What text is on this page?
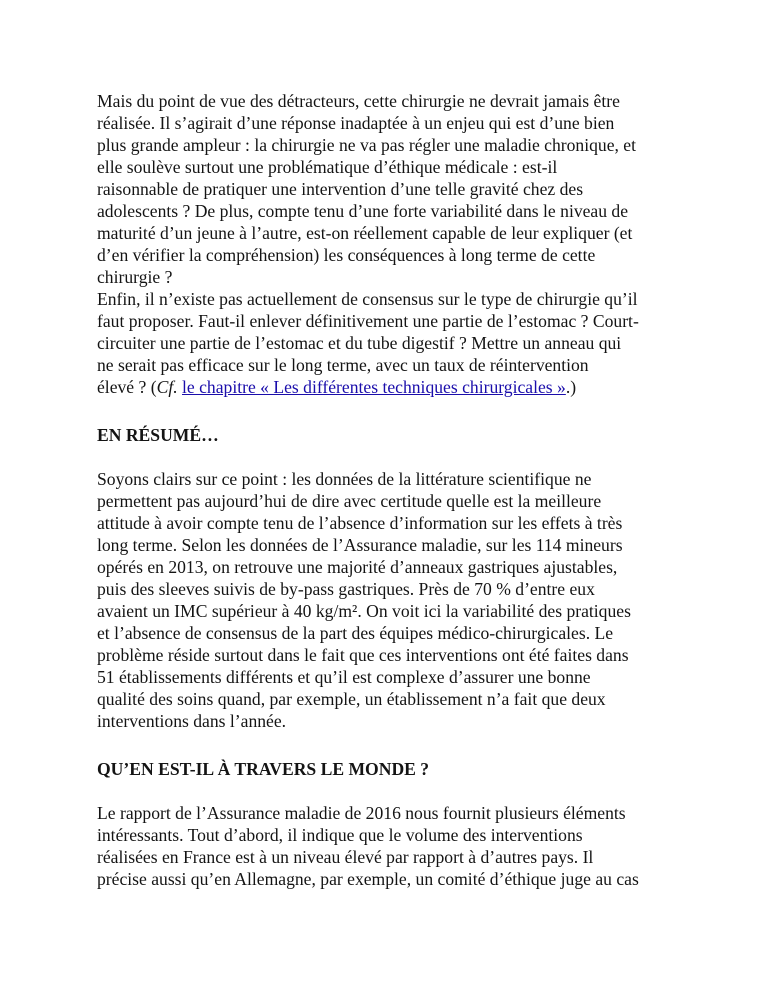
Mais du point de vue des détracteurs, cette chirurgie ne devrait jamais être
réalisée. Il s’agirait d’une réponse inadaptée à un enjeu qui est d’une bien
plus grande ampleur : la chirurgie ne va pas régler une maladie chronique, et
elle soulève surtout une problématique d’éthique médicale : est-il
raisonnable de pratiquer une intervention d’une telle gravité chez des
adolescents ? De plus, compte tenu d’une forte variabilité dans le niveau de
maturité d’un jeune à l’autre, est-on réellement capable de leur expliquer (et
d’en vérifier la compréhension) les conséquences à long terme de cette
chirurgie ?

Enfin, il n’existe pas actuellement de consensus sur le type de chirurgie qu’il
faut proposer. Faut-il enlever définitivement une partie de l’estomac ? Court-
circuiter une partie de l’estomac et du tube digestif ? Mettre un anneau qui
ne serait pas efficace sur le long terme, avec un taux de réintervention
élevé ? (Cf. le chapitre « Les différentes techniques chirurgicales ».)

EN RÉSUMÉ…

Soyons clairs sur ce point : les données de la littérature scientifique ne
permettent pas aujourd’hui de dire avec certitude quelle est la meilleure
attitude à avoir compte tenu de l’absence d’information sur les effets à très
long terme. Selon les données de l’Assurance maladie, sur les 114 mineurs
opérés en 2013, on retrouve une majorité d’anneaux gastriques ajustables,
puis des sleeves suivis de by-pass gastriques. Près de 70 % d’entre eux
avaient un IMC supérieur à 40 kg/m². On voit ici la variabilité des pratiques
et l’absence de consensus de la part des équipes médico-chirurgicales. Le
problème réside surtout dans le fait que ces interventions ont été faites dans
51 établissements différents et qu’il est complexe d’assurer une bonne
qualité des soins quand, par exemple, un établissement n’a fait que deux
interventions dans l’année.

QU’EN EST-IL À TRAVERS LE MONDE ?

Le rapport de l’Assurance maladie de 2016 nous fournit plusieurs éléments
intéressants. Tout d’abord, il indique que le volume des interventions
réalisées en France est à un niveau élevé par rapport à d’autres pays. Il
précise aussi qu’en Allemagne, par exemple, un comité d’éthique juge au cas
